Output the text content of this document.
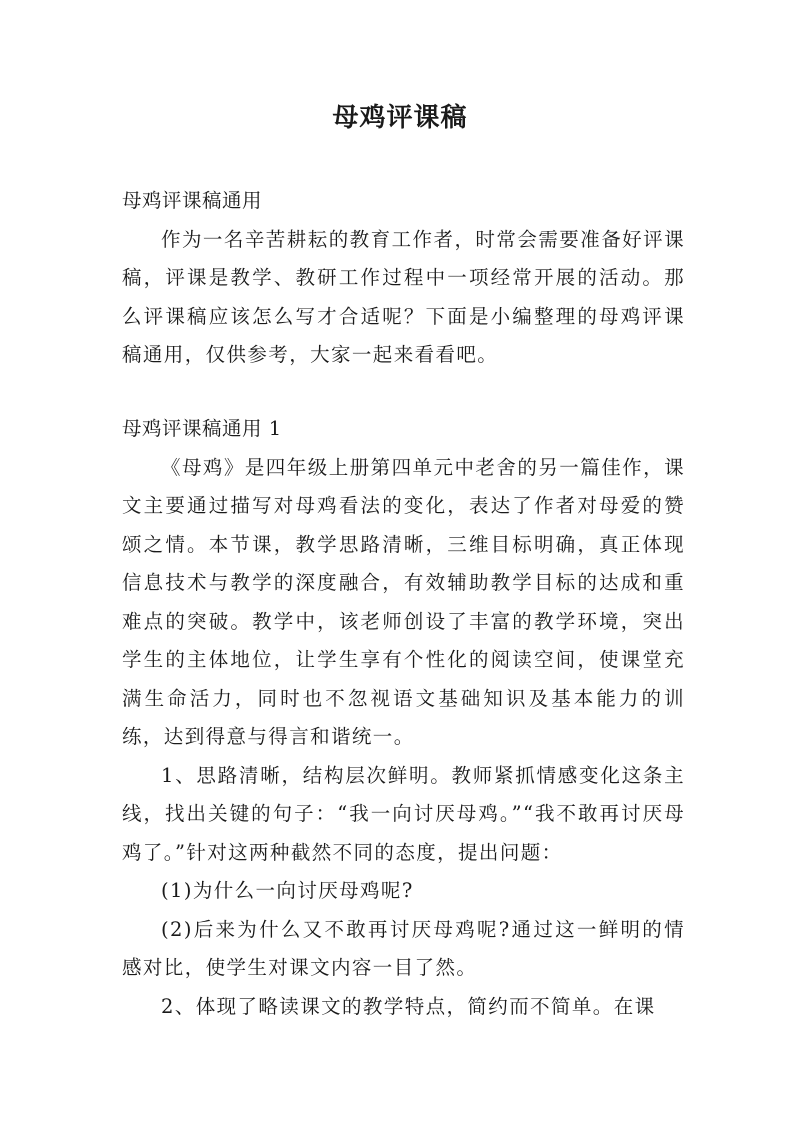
母鸡评课稿

母鸡评课稿通用

作为一名辛苦耕耘的教育工作者，时常会需要准备好评课稿，评课是教学、教研工作过程中一项经常开展的活动。那么评课稿应该怎么写才合适呢？下面是小编整理的母鸡评课稿通用，仅供参考，大家一起来看看吧。

母鸡评课稿通用 1

《母鸡》是四年级上册第四单元中老舍的另一篇佳作，课文主要通过描写对母鸡看法的变化，表达了作者对母爱的赞颂之情。本节课，教学思路清晰，三维目标明确，真正体现信息技术与教学的深度融合，有效辅助教学目标的达成和重难点的突破。教学中，该老师创设了丰富的教学环境，突出学生的主体地位，让学生享有个性化的阅读空间，使课堂充满生命活力，同时也不忽视语文基础知识及基本能力的训练，达到得意与得言和谐统一。

1、思路清晰，结构层次鲜明。教师紧抓情感变化这条主线，找出关键的句子：“我一向讨厌母鸡。”“我不敢再讨厌母鸡了。”针对这两种截然不同的态度，提出问题：

(1)为什么一向讨厌母鸡呢?

(2)后来为什么又不敢再讨厌母鸡呢?通过这一鲜明的情感对比，使学生对课文内容一目了然。

2、体现了略读课文的教学特点，简约而不简单。在课
